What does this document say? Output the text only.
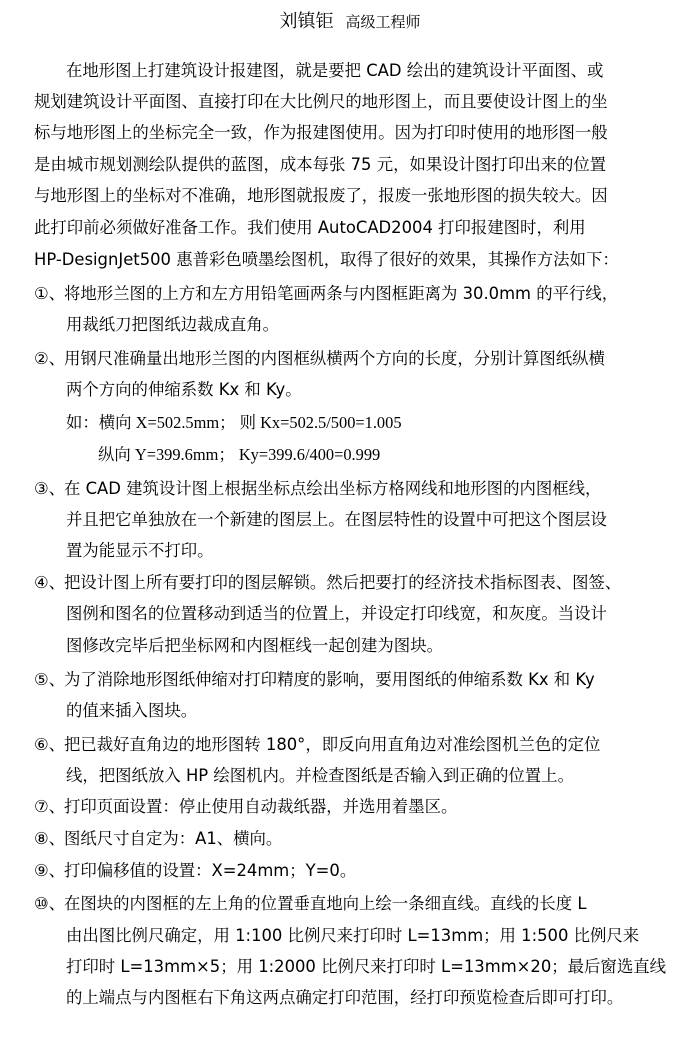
刘镇钜 高级工程师
在地形图上打建筑设计报建图，就是要把 CAD 绘出的建筑设计平面图、或
规划建筑设计平面图、直接打印在大比例尺的地形图上，而且要使设计图上的坐
标与地形图上的坐标完全一致，作为报建图使用。因为打印时使用的地形图一般
是由城市规划测绘队提供的蓝图，成本每张 75 元，如果设计图打印出来的位置
与地形图上的坐标对不准确，地形图就报废了，报废一张地形图的损失较大。因
此打印前必须做好准备工作。我们使用 AutoCAD2004 打印报建图时，利用
HP-DesignJet500 惠普彩色喷墨绘图机，取得了很好的效果，其操作方法如下：
①、将地形兰图的上方和左方用铅笔画两条与内图框距离为 30.0mm 的平行线，
用裁纸刀把图纸边裁成直角。
②、用钢尺准确量出地形兰图的内图框纵横两个方向的长度，分别计算图纸纵横
两个方向的伸缩系数 Kx 和 Ky。
如：横向 X=502.5mm； 则 Kx=502.5/500=1.005
纵向 Y=399.6mm； Ky=399.6/400=0.999
③、在 CAD 建筑设计图上根据坐标点绘出坐标方格网线和地形图的内图框线，
并且把它单独放在一个新建的图层上。在图层特性的设置中可把这个图层设
置为能显示不打印。
④、把设计图上所有要打印的图层解锁。然后把要打的经济技术指标图表、图签、
图例和图名的位置移动到适当的位置上，并设定打印线宽，和灰度。当设计
图修改完毕后把坐标网和内图框线一起创建为图块。
⑤、为了消除地形图纸伸缩对打印精度的影响，要用图纸的伸缩系数 Kx 和 Ky
的值来插入图块。
⑥、把已裁好直角边的地形图转 180°，即反向用直角边对准绘图机兰色的定位
线，把图纸放入 HP 绘图机内。并检查图纸是否输入到正确的位置上。
⑦、打印页面设置：停止使用自动裁纸器，并选用着墨区。
⑧、图纸尺寸自定为：A1、横向。
⑨、打印偏移值的设置：X=24mm；Y=0。
⑩、在图块的内图框的左上角的位置垂直地向上绘一条细直线。直线的长度 L
由出图比例尺确定，用 1:100 比例尺来打印时 L=13mm；用 1:500 比例尺来
打印时 L=13mm×5；用 1:2000 比例尺来打印时 L=13mm×20；最后窗选直线
的上端点与内图框右下角这两点确定打印范围，经打印预览检查后即可打印。
